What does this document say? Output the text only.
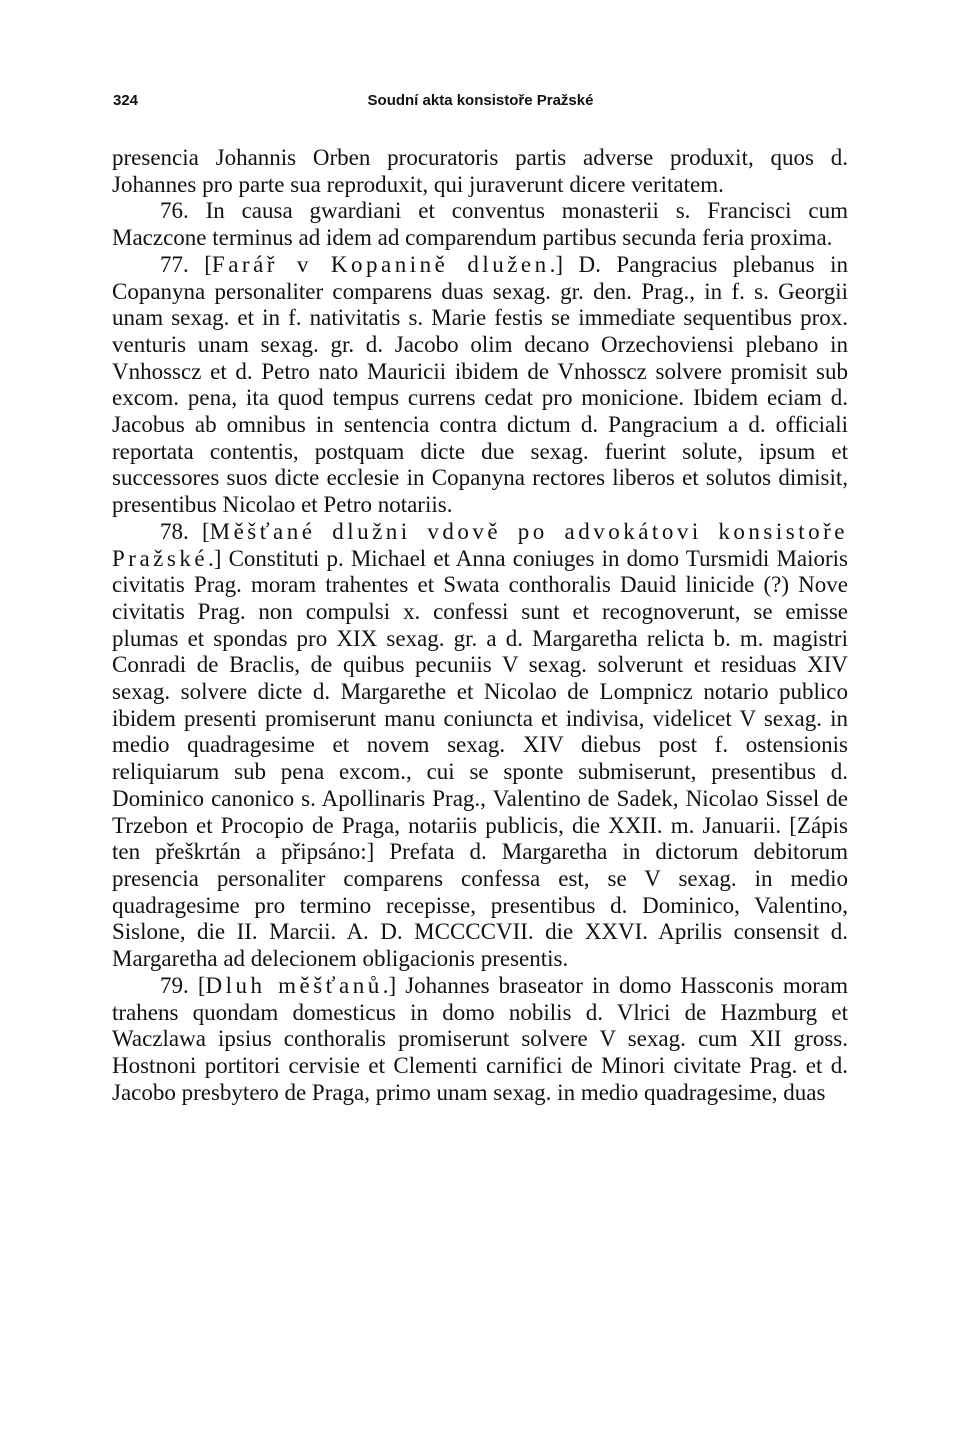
324	Soudní akta konsistoře Pražské

presencia Johannis Orben procuratoris partis adverse produxit, quos d. Johannes pro parte sua reproduxit, qui juraverunt dicere veritatem.

76. In causa gwardiani et conventus monasterii s. Francisci cum Maczcone terminus ad idem ad comparendum partibus secunda feria proxima.

77. [Farář v Kopanině dlužen.] D. Pangracius plebanus in Copanyna personaliter comparens duas sexag. gr. den. Prag., in f. s. Georgii unam sexag. et in f. nativitatis s. Marie festis se immediate sequentibus prox. venturis unam sexag. gr. d. Jacobo olim decano Orzechoviensi plebano in Vnhosscz et d. Petro nato Mauricii ibidem de Vnhosscz solvere promisit sub excom. pena, ita quod tempus currens cedat pro monicione. Ibidem eciam d. Jacobus ab omnibus in sentencia contra dictum d. Pangracium a d. officiali reportata contentis, postquam dicte due sexag. fuerint solute, ipsum et successores suos dicte ecclesie in Copanyna rectores liberos et solutos dimisit, presentibus Nicolao et Petro notariis.

78. [Měšťané dlužni vdově po advokátovi konsistoře Pražské.] Constituti p. Michael et Anna coniuges in domo Tursmidi Maioris civitatis Prag. moram trahentes et Swata conthoralis Dauid linicide (?) Nove civitatis Prag. non compulsi x. confessi sunt et recognoverunt, se emisse plumas et spondas pro XIX sexag. gr. a d. Margaretha relicta b. m. magistri Conradi de Braclis, de quibus pecuniis V sexag. solverunt et residuas XIV sexag. solvere dicte d. Margarethe et Nicolao de Lompnicz notario publico ibidem presenti promiserunt manu coniuncta et indivisa, videlicet V sexag. in medio quadragesime et novem sexag. XIV diebus post f. ostensionis reliquiarum sub pena excom., cui se sponte submiserunt, presentibus d. Dominico canonico s. Apollinaris Prag., Valentino de Sadek, Nicolao Sissel de Trzebon et Procopio de Praga, notariis publicis, die XXII. m. Januarii. [Zápis ten přeškrtán a připsáno:] Prefata d. Margaretha in dictorum debitorum presencia personaliter comparens confessa est, se V sexag. in medio quadragesime pro termino recepisse, presentibus d. Dominico, Valentino, Sislone, die II. Marcii. A. D. MCCCCVII. die XXVI. Aprilis consensit d. Margaretha ad delecionem obligacionis presentis.

79. [Dluh měšťanů.] Johannes braseator in domo Hassconis moram trahens quondam domesticus in domo nobilis d. Vlrici de Hazmburg et Waczlawa ipsius conthoralis promiserunt solvere V sexag. cum XII gross. Hostnoni portitori cervisie et Clementi carnifici de Minori civitate Prag. et d. Jacobo presbytero de Praga, primo unam sexag. in medio quadragesime, duas
